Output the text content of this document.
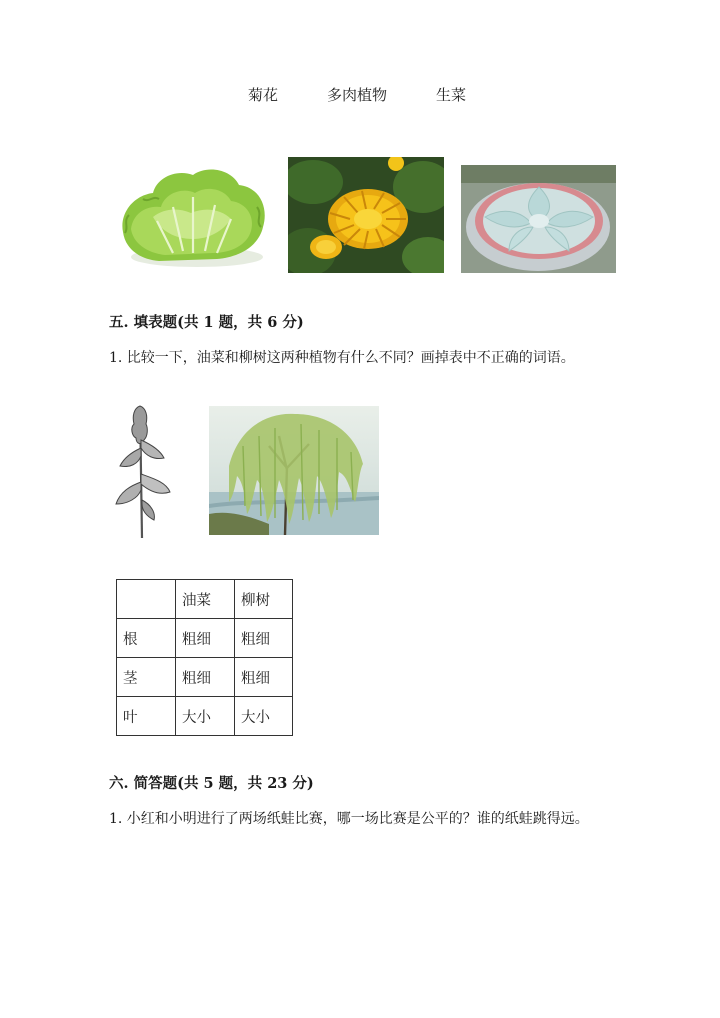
菊花	多肉植物	生菜
五. 填表题(共 1 题，共 6 分)
1. 比较一下，油菜和柳树这两种植物有什么不同？画掉表中不正确的词语。
	油菜	柳树
根	粗细	粗细
茎	粗细	粗细
叶	大小	大小
六. 简答题(共 5 题，共 23 分)
1. 小红和小明进行了两场纸蛙比赛，哪一场比赛是公平的？谁的纸蛙跳得远。
